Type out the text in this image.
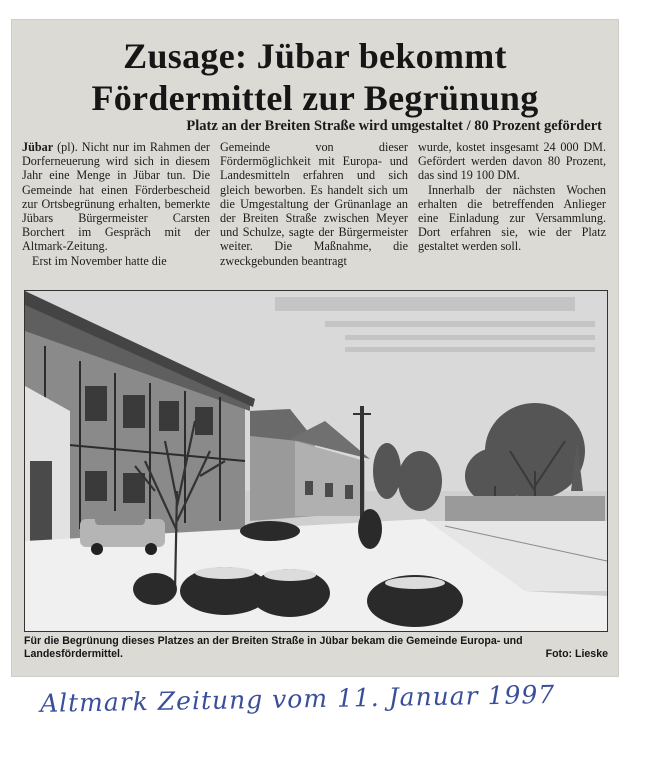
Zusage: Jübar bekommt
Fördermittel zur Begrünung
Platz an der Breiten Straße wird umgestaltet / 80 Prozent gefördert

Jübar (pl). Nicht nur im Rahmen der Dorferneuerung wird sich in diesem Jahr eine Menge in Jübar tun. Die Gemeinde hat einen Förderbescheid zur Ortsbegrünung erhalten, bemerkte Jübars Bürgermeister Carsten Borchert im Gespräch mit der Altmark-Zeitung.

Erst im November hatte die

Gemeinde von dieser Fördermöglichkeit mit Europa- und Landesmitteln erfahren und sich gleich beworben. Es handelt sich um die Umgestaltung der Grünanlage an der Breiten Straße zwischen Meyer und Schulze, sagte der Bürgermeister weiter. Die Maßnahme, die zweckgebunden beantragt

wurde, kostet insgesamt 24 000 DM. Gefördert werden davon 80 Prozent, das sind 19 100 DM.

Innerhalb der nächsten Wochen erhalten die betreffenden Anlieger eine Einladung zur Versammlung. Dort erfahren sie, wie der Platz gestaltet werden soll.

Für die Begrünung dieses Platzes an der Breiten Straße in Jübar bekam die Gemeinde Europa- und Landesfördermittel.	Foto: Lieske
Altmark Zeitung vom 11. Januar 1997
